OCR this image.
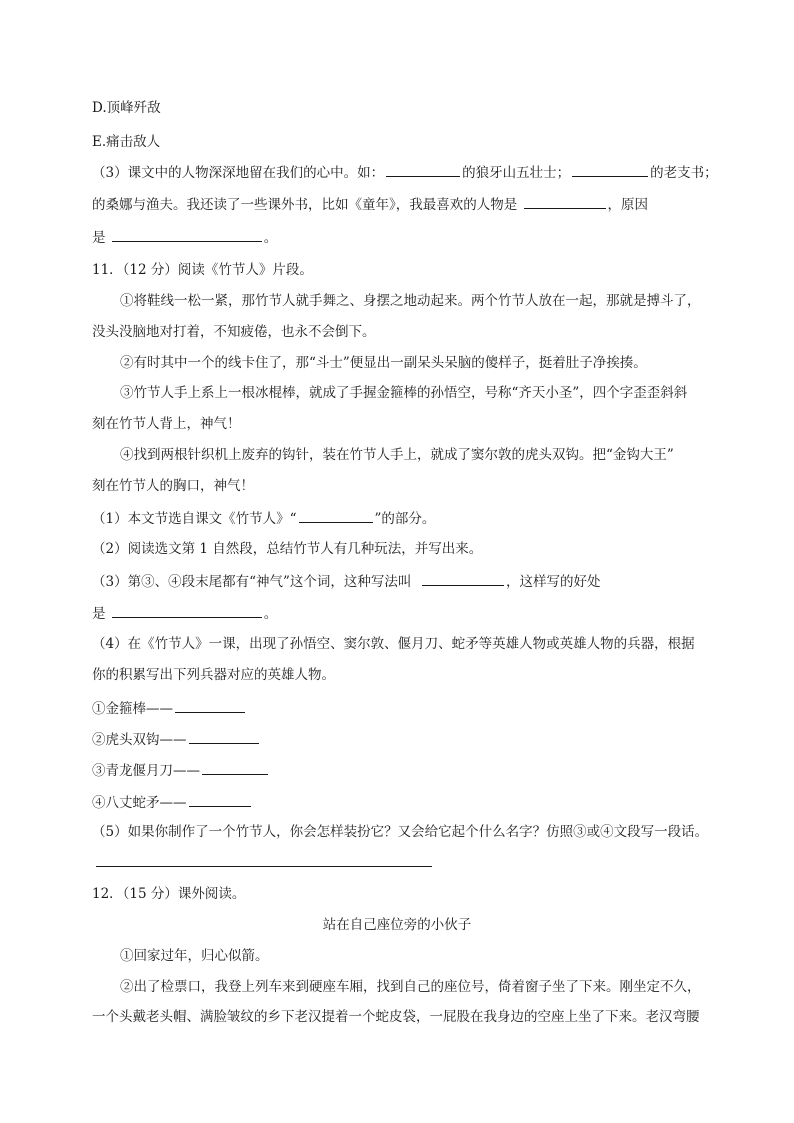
D.顶峰歼敌
E.痛击敌人
（3）课文中的人物深深地留在我们的心中。如：	的狼牙山五壮士；	的老支书；
的桑娜与渔夫。我还读了一些课外书，比如《童年》，我最喜欢的人物是	，原因
是	。
11．（12 分）阅读《竹节人》片段。
①将鞋线一松一紧，那竹节人就手舞之、身摆之地动起来。两个竹节人放在一起，那就是搏斗了，
没头没脑地对打着，不知疲倦，也永不会倒下。
②有时其中一个的线卡住了，那“斗士”便显出一副呆头呆脑的傻样子，挺着肚子净挨揍。
③竹节人手上系上一根冰棍棒，就成了手握金箍棒的孙悟空，号称“齐天小圣”，四个字歪歪斜斜
刻在竹节人背上，神气！
④找到两根针织机上废弃的钩针，装在竹节人手上，就成了窦尔敦的虎头双钩。把“金钩大王”
刻在竹节人的胸口，神气！
（1）本文节选自课文《竹节人》“	”的部分。
（2）阅读选文第 1 自然段，总结竹节人有几种玩法，并写出来。
（3）第③、④段末尾都有“神气”这个词，这种写法叫	，这样写的好处
是	。
（4）在《竹节人》一课，出现了孙悟空、窦尔敦、偃月刀、蛇矛等英雄人物或英雄人物的兵器，根据
你的积累写出下列兵器对应的英雄人物。
①金箍棒——
②虎头双钩——
③青龙偃月刀——
④八丈蛇矛——
（5）如果你制作了一个竹节人，你会怎样装扮它？又会给它起个什么名字？仿照③或④文段写一段话。
12．（15 分）课外阅读。
站在自己座位旁的小伙子
①回家过年，归心似箭。
②出了检票口，我登上列车来到硬座车厢，找到自己的座位号，倚着窗子坐了下来。刚坐定不久，
一个头戴老头帽、满脸皱纹的乡下老汉提着一个蛇皮袋，一屁股在我身边的空座上坐了下来。老汉弯腰
